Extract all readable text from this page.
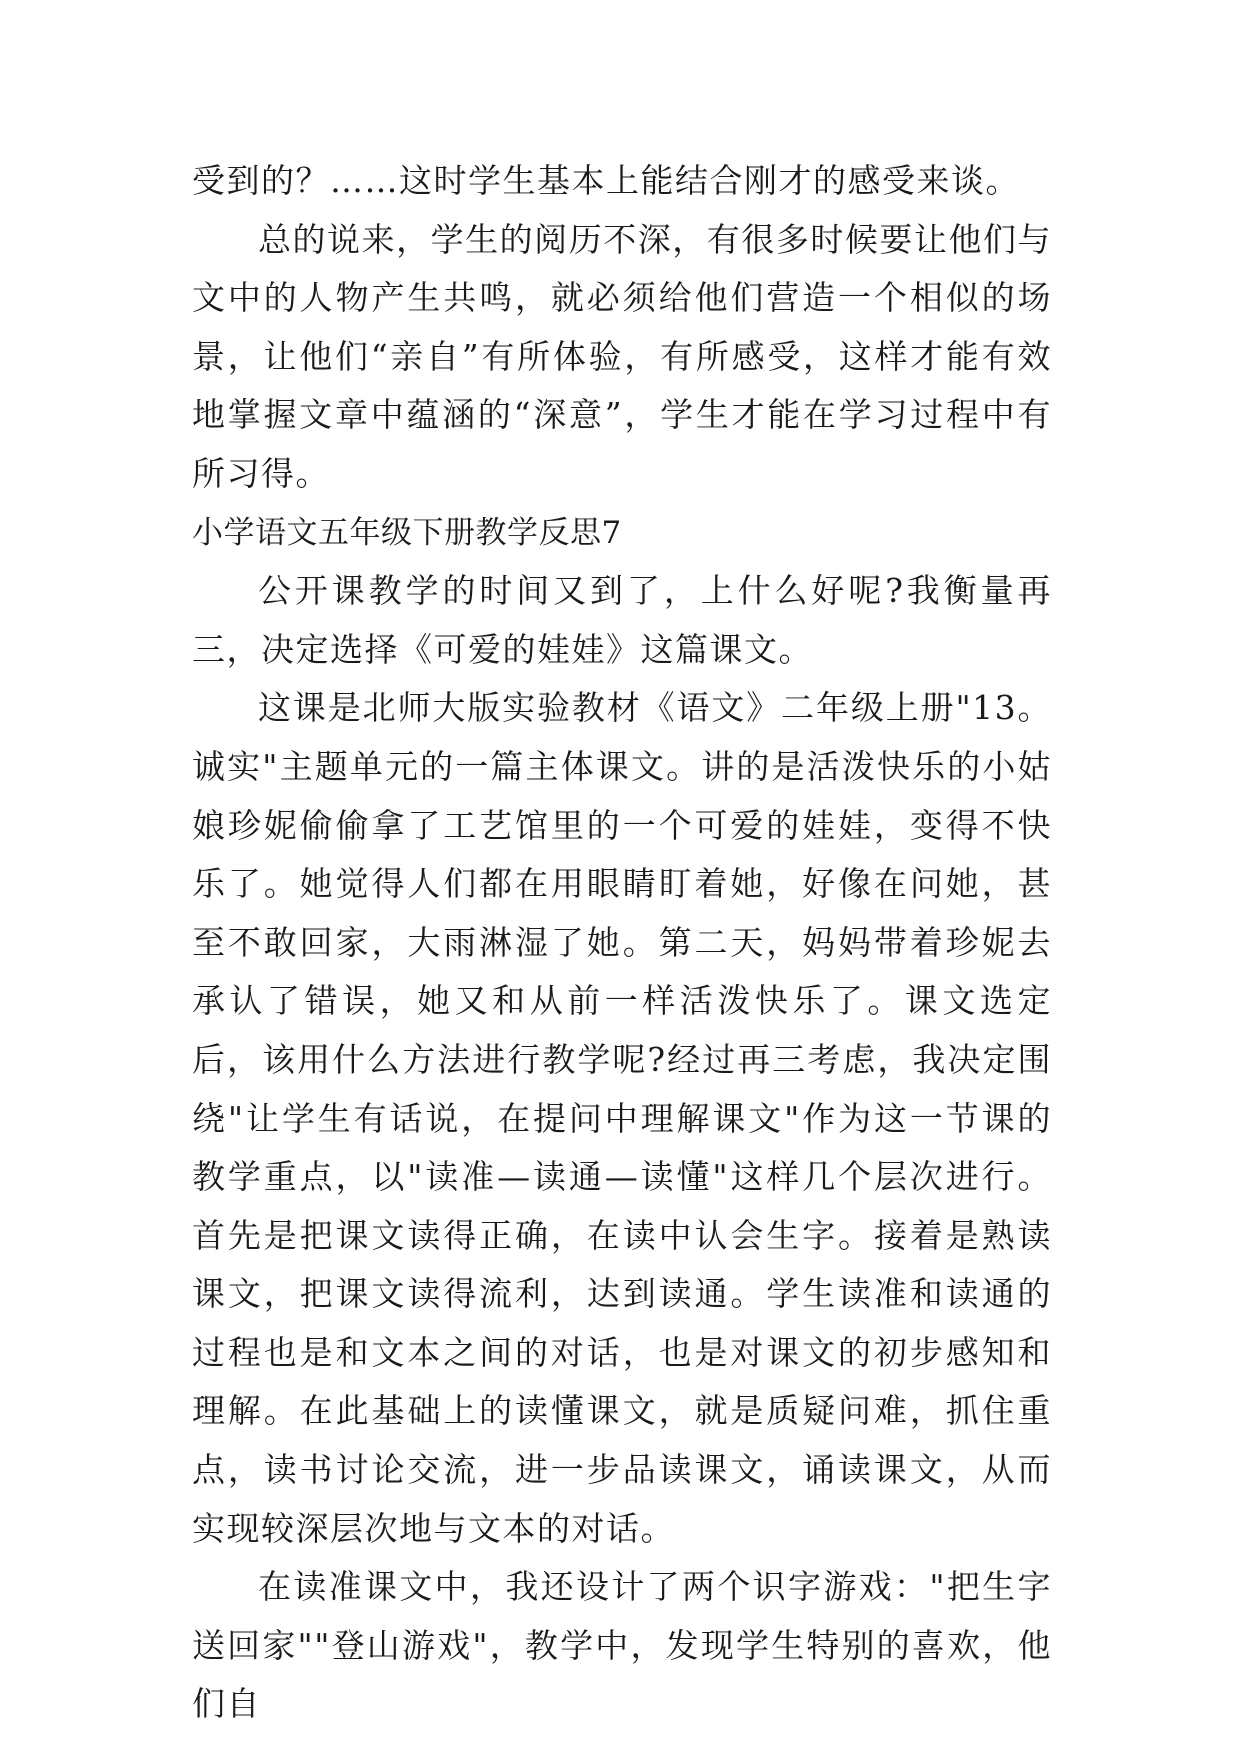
受到的？……这时学生基本上能结合刚才的感受来谈。

总的说来，学生的阅历不深，有很多时候要让他们与文中的人物产生共鸣，就必须给他们营造一个相似的场景，让他们“亲自”有所体验，有所感受，这样才能有效地掌握文章中蕴涵的“深意”，学生才能在学习过程中有所习得。

小学语文五年级下册教学反思7

公开课教学的时间又到了，上什么好呢?我衡量再三，决定选择《可爱的娃娃》这篇课文。

这课是北师大版实验教材《语文》二年级上册"13。诚实"主题单元的一篇主体课文。讲的是活泼快乐的小姑娘珍妮偷偷拿了工艺馆里的一个可爱的娃娃，变得不快乐了。她觉得人们都在用眼睛盯着她，好像在问她，甚至不敢回家，大雨淋湿了她。第二天，妈妈带着珍妮去承认了错误，她又和从前一样活泼快乐了。课文选定后，该用什么方法进行教学呢?经过再三考虑，我决定围绕"让学生有话说，在提问中理解课文"作为这一节课的教学重点，以"读准—读通—读懂"这样几个层次进行。首先是把课文读得正确，在读中认会生字。接着是熟读课文，把课文读得流利，达到读通。学生读准和读通的过程也是和文本之间的对话，也是对课文的初步感知和理解。在此基础上的读懂课文，就是质疑问难，抓住重点，读书讨论交流，进一步品读课文，诵读课文，从而实现较深层次地与文本的对话。

在读准课文中，我还设计了两个识字游戏："把生字送回家""登山游戏"，教学中，发现学生特别的喜欢，他们自
